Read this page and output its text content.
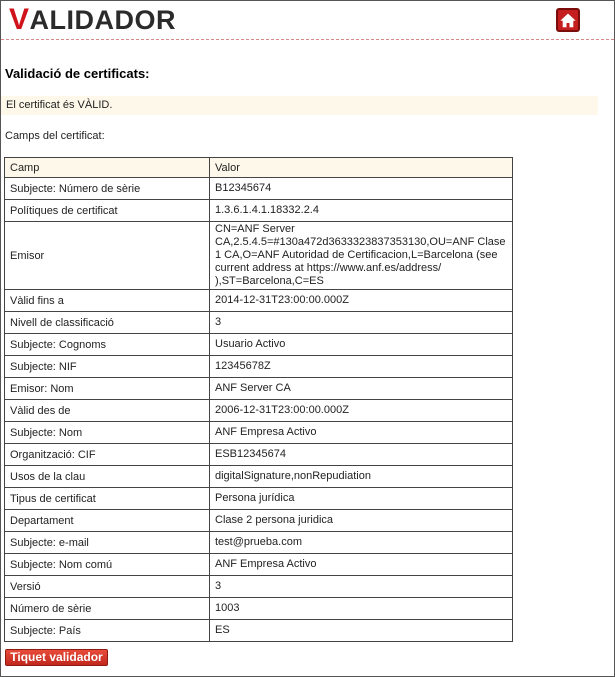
VALIDADOR
Validació de certificats:
El certificat és VÀLID.
Camps del certificat:
Camp	Valor
Subjecte: Número de sèrie	B12345674
Polítiques de certificat	1.3.6.1.4.1.18332.2.4
Emisor	CN=ANF Server CA,2.5.4.5=#130a472d3633323837353130,OU=ANF Clase 1 CA,O=ANF Autoridad de Certificacion,L=Barcelona (see current address at https://www.anf.es/address/ ),ST=Barcelona,C=ES
Vàlid fins a	2014-12-31T23:00:00.000Z
Nivell de classificació	3
Subjecte: Cognoms	Usuario Activo
Subjecte: NIF	12345678Z
Emisor: Nom	ANF Server CA
Vàlid des de	2006-12-31T23:00:00.000Z
Subjecte: Nom	ANF Empresa Activo
Organització: CIF	ESB12345674
Usos de la clau	digitalSignature,nonRepudiation
Tipus de certificat	Persona jurídica
Departament	Clase 2 persona juridica
Subjecte: e-mail	test@prueba.com
Subjecte: Nom comú	ANF Empresa Activo
Versió	3
Número de sèrie	1003
Subjecte: País	ES
Tiquet validador
